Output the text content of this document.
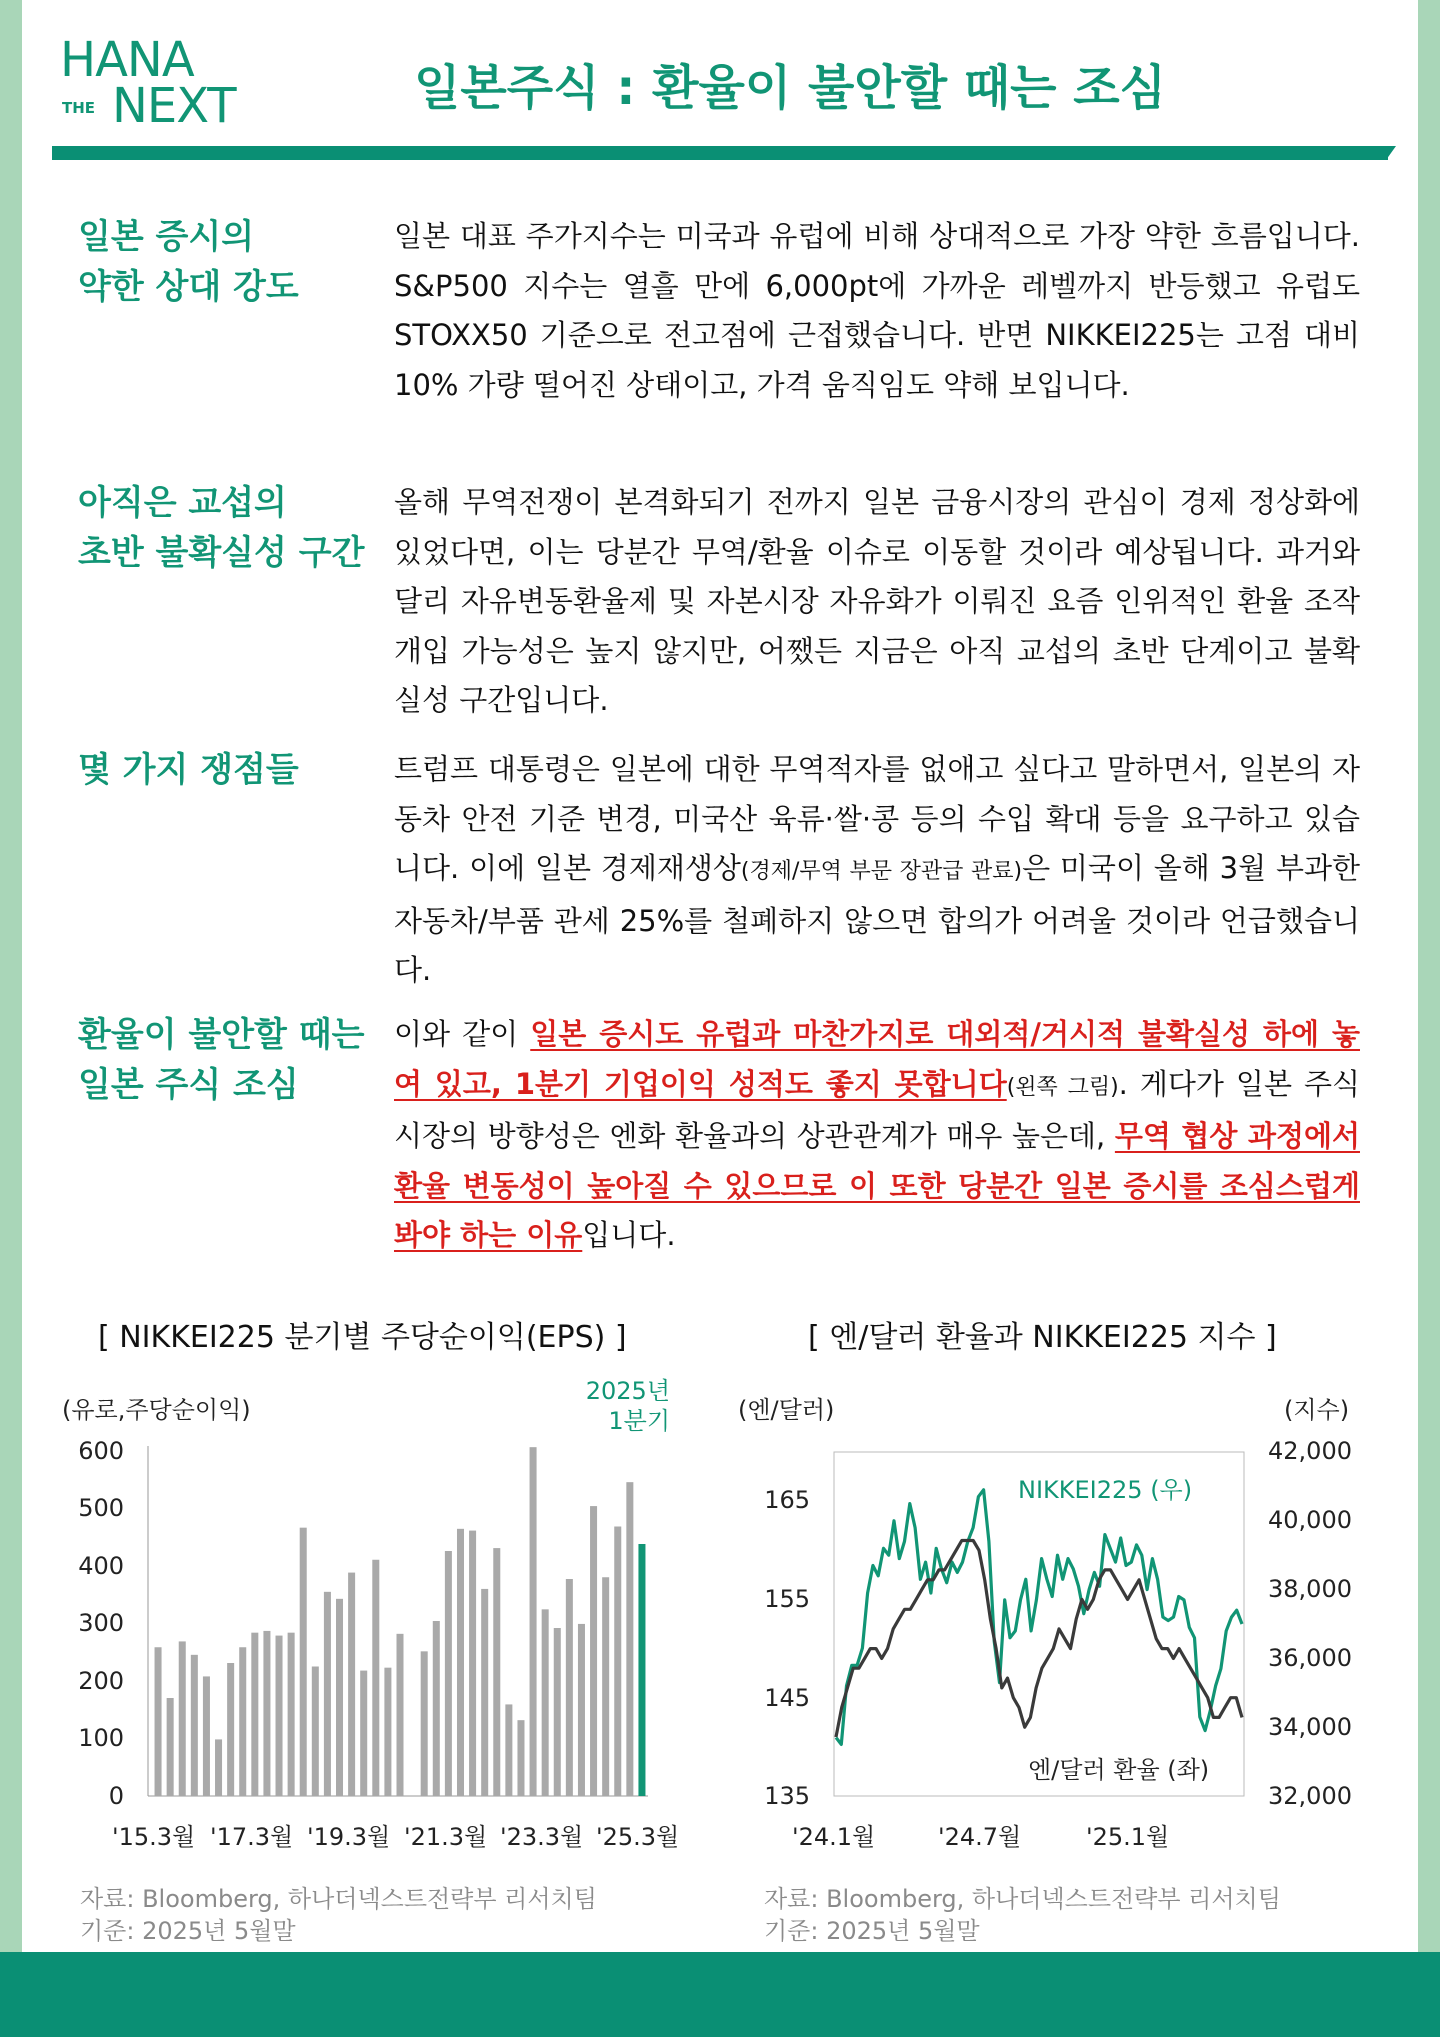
HANA
THE NEXT	일본주식 : 환율이 불안할 때는 조심
일본 증시의
약한 상대 강도
일본 대표 주가지수는 미국과 유럽에 비해 상대적으로 가장 약한 흐름입니다. S&P500 지수는 열흘 만에 6,000pt에 가까운 레벨까지 반등했고 유럽도 STOXX50 기준으로 전고점에 근접했습니다. 반면 NIKKEI225는 고점 대비 10% 가량 떨어진 상태이고, 가격 움직임도 약해 보입니다.
아직은 교섭의
초반 불확실성 구간
올해 무역전쟁이 본격화되기 전까지 일본 금융시장의 관심이 경제 정상화에 있었다면, 이는 당분간 무역/환율 이슈로 이동할 것이라 예상됩니다. 과거와 달리 자유변동환율제 및 자본시장 자유화가 이뤄진 요즘 인위적인 환율 조작 개입 가능성은 높지 않지만, 어쨌든 지금은 아직 교섭의 초반 단계이고 불확실성 구간입니다.
몇 가지 쟁점들	트럼프 대통령은 일본에 대한 무역적자를 없애고 싶다고 말하면서, 일본의 자동차 안전 기준 변경, 미국산 육류·쌀·콩 등의 수입 확대 등을 요구하고 있습니다. 이에 일본 경제재생상(경제/무역 부문 장관급 관료)은 미국이 올해 3월 부과한 자동차/부품 관세 25%를 철폐하지 않으면 합의가 어려울 것이라 언급했습니다.
환율이 불안할 때는
일본 주식 조심
이와 같이 일본 증시도 유럽과 마찬가지로 대외적/거시적 불확실성 하에 놓여 있고, 1분기 기업이익 성적도 좋지 못합니다(왼쪽 그림). 게다가 일본 주식시장의 방향성은 엔화 환율과의 상관관계가 매우 높은데, 무역 협상 과정에서 환율 변동성이 높아질 수 있으므로 이 또한 당분간 일본 증시를 조심스럽게 봐야 하는 이유입니다.
[ NIKKEI225 분기별 주당순이익(EPS) ]
(유로,주당순이익)
2025년
1분기
600
500
400
300
200
100
0
'15.3월 '17.3월 '19.3월 '21.3월 '23.3월 '25.3월
자료: Bloomberg, 하나더넥스트전략부 리서치팀
기준: 2025년 5월말
[ 엔/달러 환율과 NIKKEI225 지수 ]
(엔/달러)	(지수)
165
155
145
135
42,000
40,000
38,000
36,000
34,000
32,000
NIKKEI225 (우)
엔/달러 환율 (좌)
'24.1월	'24.7월	'25.1월
자료: Bloomberg, 하나더넥스트전략부 리서치팀
기준: 2025년 5월말
